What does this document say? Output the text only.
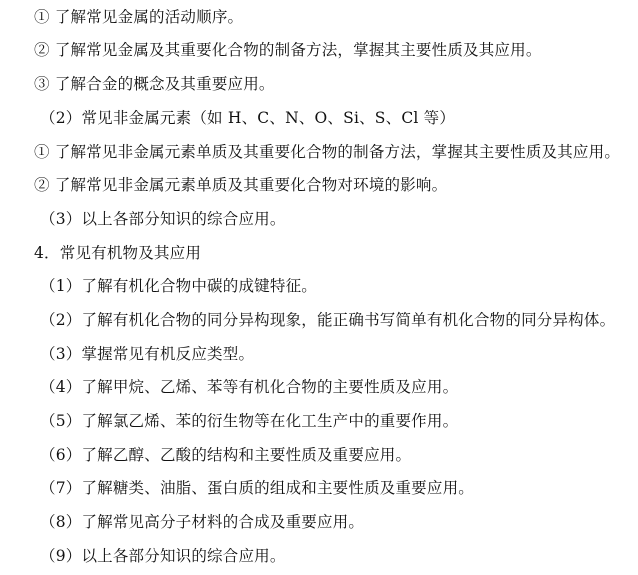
① 了解常见金属的活动顺序。
② 了解常见金属及其重要化合物的制备方法，掌握其主要性质及其应用。
③ 了解合金的概念及其重要应用。
（2）常见非金属元素（如 H、C、N、O、Si、S、Cl 等）
① 了解常见非金属元素单质及其重要化合物的制备方法，掌握其主要性质及其应用。
② 了解常见非金属元素单质及其重要化合物对环境的影响。
（3）以上各部分知识的综合应用。
4．常见有机物及其应用
（1）了解有机化合物中碳的成键特征。
（2）了解有机化合物的同分异构现象，能正确书写简单有机化合物的同分异构体。
（3）掌握常见有机反应类型。
（4）了解甲烷、乙烯、苯等有机化合物的主要性质及应用。
（5）了解氯乙烯、苯的衍生物等在化工生产中的重要作用。
（6）了解乙醇、乙酸的结构和主要性质及重要应用。
（7）了解糖类、油脂、蛋白质的组成和主要性质及重要应用。
（8）了解常见高分子材料的合成及重要应用。
（9）以上各部分知识的综合应用。
